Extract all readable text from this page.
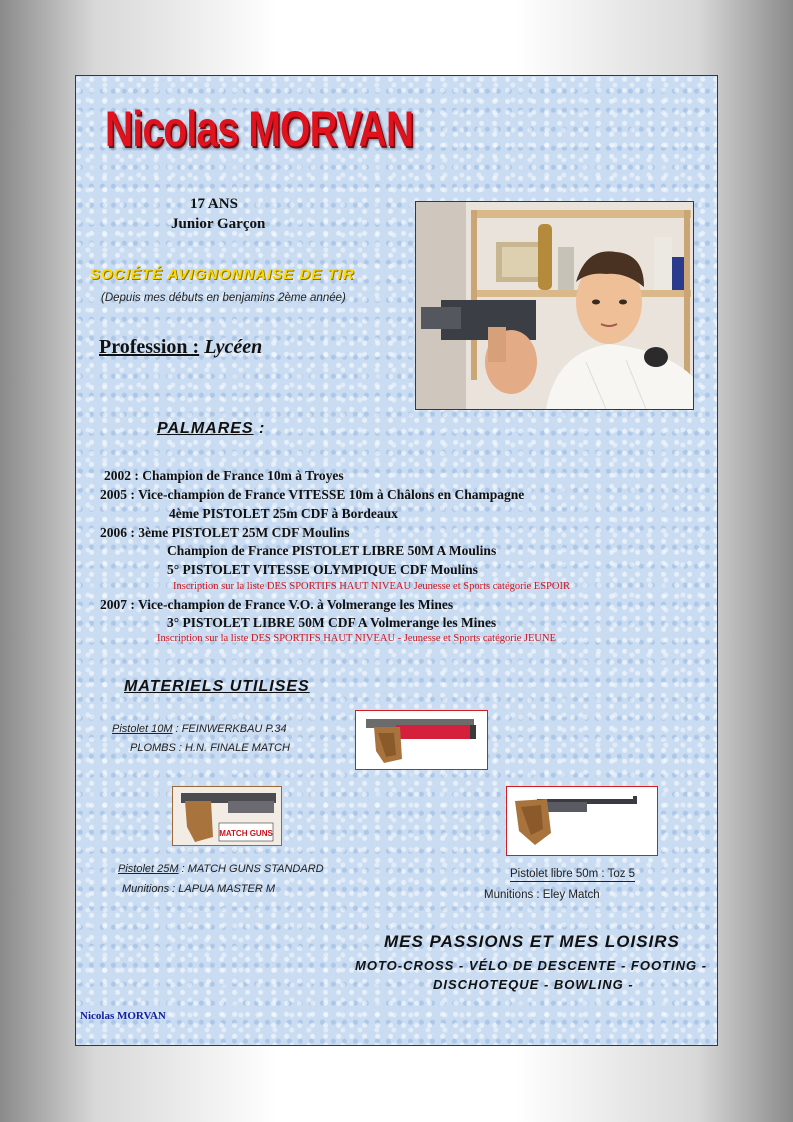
Nicolas MORVAN
17 ANS
Junior Garçon
SOCIÉTÉ AVIGNONNAISE DE TIR
(Depuis mes débuts en benjamins 2ème année)
Profession : Lycéen
PALMARES :
2002 : Champion de France 10m à Troyes
2005 : Vice-champion de France VITESSE 10m à Châlons en Champagne
4ème PISTOLET 25m CDF à Bordeaux
2006 : 3ème PISTOLET 25M CDF Moulins
Champion de France PISTOLET LIBRE 50M A Moulins
5° PISTOLET VITESSE OLYMPIQUE CDF Moulins
Inscription sur la liste DES SPORTIFS HAUT NIVEAU Jeunesse et Sports catégorie ESPOIR
2007 : Vice-champion de France V.O. à Volmerange les Mines
3° PISTOLET LIBRE 50M CDF A Volmerange les Mines
Inscription sur la liste DES SPORTIFS HAUT NIVEAU - Jeunesse et Sports catégorie JEUNE
MATERIELS UTILISES
Pistolet 10M : FEINWERKBAU P.34
PLOMBS : H.N. FINALE MATCH
MATCH GUNS
Pistolet 25M : MATCH GUNS STANDARD
Munitions : LAPUA MASTER M
Pistolet libre 50m : Toz 5
Munitions : Eley Match
MES PASSIONS ET MES LOISIRS
MOTO-CROSS - VÉLO DE DESCENTE - FOOTING -
DISCHOTEQUE - BOWLING -
Nicolas MORVAN
